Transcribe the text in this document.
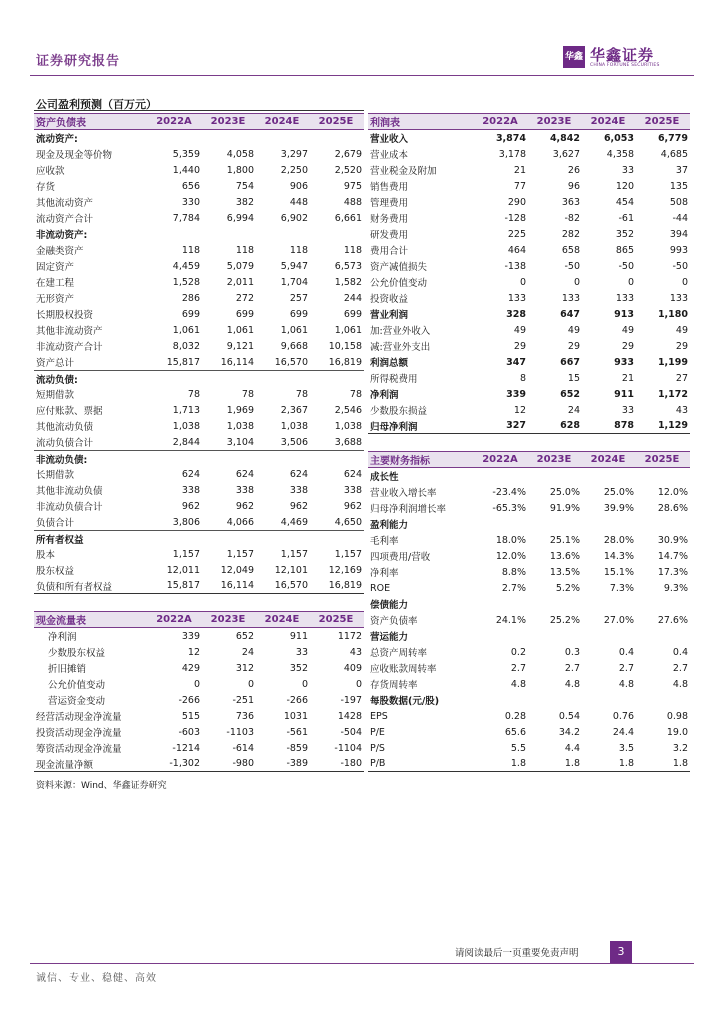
证券研究报告	华鑫 华鑫证券
CHINA FORTUNE SECURITIES
公司盈利预测（百万元）
资产负债表	2022A	2023E	2024E	2025E
流动资产:
现金及现金等价物	5,359	4,058	3,297	2,679
应收款	1,440	1,800	2,250	2,520
存货	656	754	906	975
其他流动资产	330	382	448	488
流动资产合计	7,784	6,994	6,902	6,661
非流动资产:
金融类资产	118	118	118	118
固定资产	4,459	5,079	5,947	6,573
在建工程	1,528	2,011	1,704	1,582
无形资产	286	272	257	244
长期股权投资	699	699	699	699
其他非流动资产	1,061	1,061	1,061	1,061
非流动资产合计	8,032	9,121	9,668	10,158
资产总计	15,817	16,114	16,570	16,819
流动负债:
短期借款	78	78	78	78
应付账款、票据	1,713	1,969	2,367	2,546
其他流动负债	1,038	1,038	1,038	1,038
流动负债合计	2,844	3,104	3,506	3,688
非流动负债:
长期借款	624	624	624	624
其他非流动负债	338	338	338	338
非流动负债合计	962	962	962	962
负债合计	3,806	4,066	4,469	4,650
所有者权益
股本	1,157	1,157	1,157	1,157
股东权益	12,011	12,049	12,101	12,169
负债和所有者权益	15,817	16,114	16,570	16,819
现金流量表	2022A	2023E	2024E	2025E
净利润	339	652	911	1172
少数股东权益	12	24	33	43
折旧摊销	429	312	352	409
公允价值变动	0	0	0	0
营运资金变动	-266	-251	-266	-197
经营活动现金净流量	515	736	1031	1428
投资活动现金净流量	-603	-1103	-561	-504
筹资活动现金净流量	-1214	-614	-859	-1104
现金流量净额	-1,302	-980	-389	-180
利润表	2022A	2023E	2024E	2025E
营业收入	3,874	4,842	6,053	6,779
营业成本	3,178	3,627	4,358	4,685
营业税金及附加	21	26	33	37
销售费用	77	96	120	135
管理费用	290	363	454	508
财务费用	-128	-82	-61	-44
研发费用	225	282	352	394
费用合计	464	658	865	993
资产减值损失	-138	-50	-50	-50
公允价值变动	0	0	0	0
投资收益	133	133	133	133
营业利润	328	647	913	1,180
加:营业外收入	49	49	49	49
减:营业外支出	29	29	29	29
利润总额	347	667	933	1,199
所得税费用	8	15	21	27
净利润	339	652	911	1,172
少数股东损益	12	24	33	43
归母净利润	327	628	878	1,129
主要财务指标	2022A	2023E	2024E	2025E
成长性
营业收入增长率	-23.4%	25.0%	25.0%	12.0%
归母净利润增长率	-65.3%	91.9%	39.9%	28.6%
盈利能力
毛利率	18.0%	25.1%	28.0%	30.9%
四项费用/营收	12.0%	13.6%	14.3%	14.7%
净利率	8.8%	13.5%	15.1%	17.3%
ROE	2.7%	5.2%	7.3%	9.3%
偿债能力
资产负债率	24.1%	25.2%	27.0%	27.6%
营运能力
总资产周转率	0.2	0.3	0.4	0.4
应收账款周转率	2.7	2.7	2.7	2.7
存货周转率	4.8	4.8	4.8	4.8
每股数据(元/股)
EPS	0.28	0.54	0.76	0.98
P/E	65.6	34.2	24.4	19.0
P/S	5.5	4.4	3.5	3.2
P/B	1.8	1.8	1.8	1.8
资料来源：Wind、华鑫证券研究
请阅读最后一页重要免责声明	3
诚信、专业、稳健、高效
